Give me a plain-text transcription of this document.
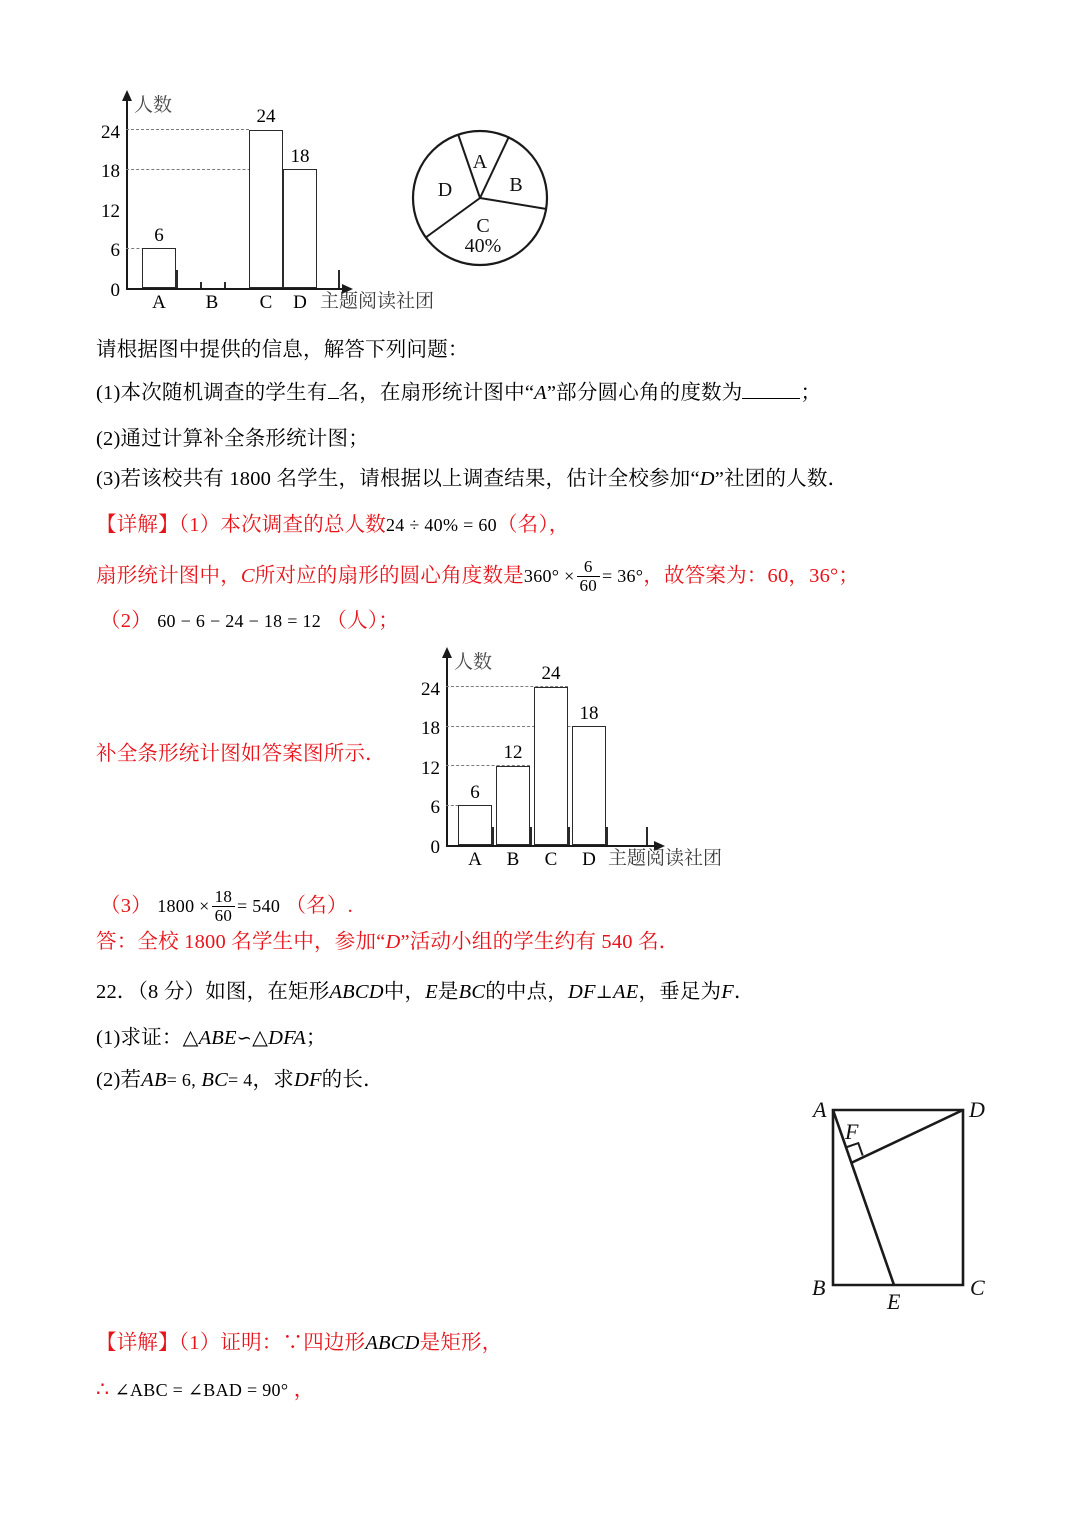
人数
0
6
12
18
24
6
24
18
A	B	C	D 主题阅读社团
A
B
C
40%
D
请根据图中提供的信息，解答下列问题：
(1)本次随机调查的学生有 名，在扇形统计图中“A”部分圆心角的度数为	；
(2)通过计算补全条形统计图；
(3)若该校共有 1800 名学生，请根据以上调查结果，估计全校参加“D”社团的人数．
【详解】（1）本次调查的总人数24 ÷ 40% = 60（名），
扇形统计图中，C所对应的扇形的圆心角度数是$360^\circ \times \frac{6}{60} = 36^\circ$，故答案为：60，36°；
（2） 60 − 6 − 24 − 18 = 12 （人）；
补全条形统计图如答案图所示．
人数
0
6
12
18
24
6
12
24
18
A	B	C	D 主题阅读社团
（3） $1800 \times \frac{18}{60} = 540$ （名）.
答：全校 1800 名学生中，参加“D”活动小组的学生约有 540 名．
22．（8 分）如图，在矩形ABCD中，E是BC的中点，DF⊥AE，垂足为F．
(1)求证：△ABE∽△DFA；
(2)若AB= 6, BC= 4，求DF的长．
A	D
F
B	C
E
【详解】（1）证明：∵四边形ABCD是矩形，
∴ ∠ABC = ∠BAD = 90° ，
